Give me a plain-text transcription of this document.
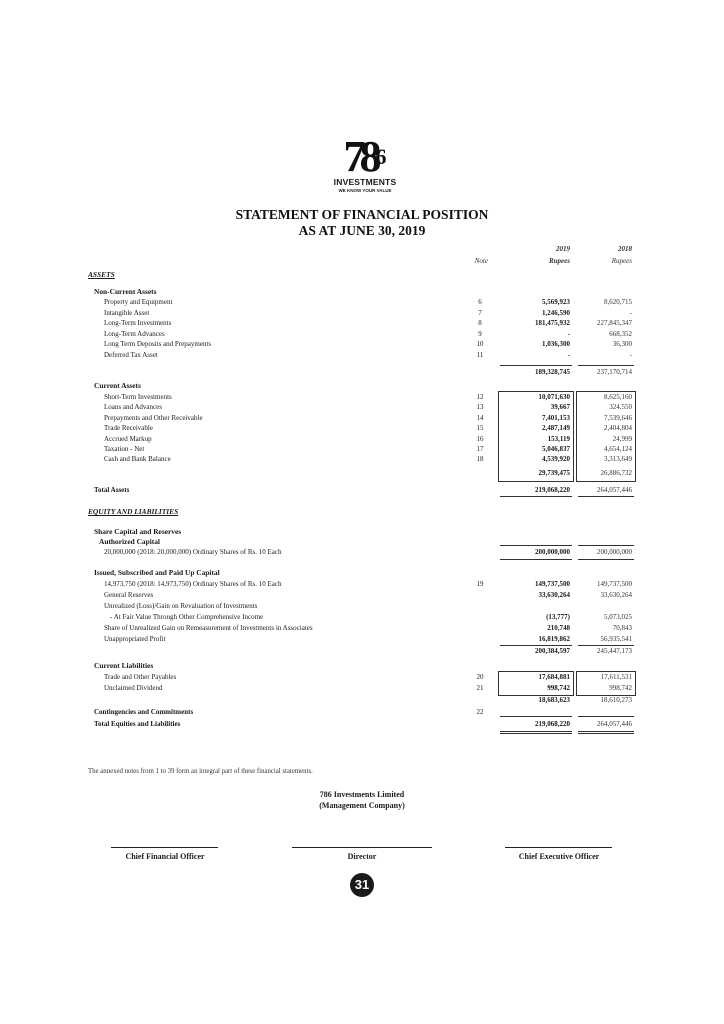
$78^6$
INVESTMENTS
WE KNOW YOUR VALUE
STATEMENT OF FINANCIAL POSITION
AS AT JUNE 30, 2019
2019	2018
Note	Rupees	Rupees
ASSETS
Non-Current Assets
Property and Equipment	6	5,569,923	8,620,715
Intangible Asset	7	1,246,590	-
Long-Term Investments	8	181,475,932	227,845,347
Long-Term Advances	9	-	668,352
Long Term Deposits and Prepayments	10	1,036,300	36,300
Deferred Tax Asset	11	-	-
189,328,745	237,170,714
Current Assets
Short-Term Investments	12	10,071,630	8,625,160
Loans and Advances	13	39,667	324,550
Prepayments and Other Receivable	14	7,401,153	7,539,646
Trade Receivable	15	2,487,149	2,404,804
Accrued Markup	16	153,119	24,999
Taxation - Net	17	5,046,837	4,654,124
Cash and Bank Balance	18	4,539,920	3,313,649
29,739,475	26,886,732
Total Assets	219,068,220	264,057,446
EQUITY AND LIABILITIES
Share Capital and Reserves
Authorized Capital
20,000,000 (2018: 20,000,000) Ordinary Shares of Rs. 10 Each	200,000,000	200,000,000
Issued, Subscribed and Paid Up Capital
14,973,750 (2018: 14,973,750) Ordinary Shares of Rs. 10 Each	19	149,737,500	149,737,500
General Reserves	33,630,264	33,630,264
Unrealized (Loss)/Gain on Revaluation of Investments
- At Fair Value Through Other Comprehensive Income	(13,777)	5,073,025
Share of Unrealized Gain on Remeasurement of Investments in Associates	210,748	70,843
Unappropriated Profit	16,819,862	56,935,541
200,384,597	245,447,173
Current Liabilities
Trade and Other Payables	20	17,684,881	17,611,531
Unclaimed Dividend	21	998,742	998,742
18,683,623	18,610,273
Contingencies and Commitments	22
Total Equities and Liabilities	219,068,220	264,057,446
The annexed notes from 1 to 39 form an integral part of these financial statements.
786 Investments Limited
(Management Company)
Chief Financial Officer	Director	Chief Executive Officer
31
